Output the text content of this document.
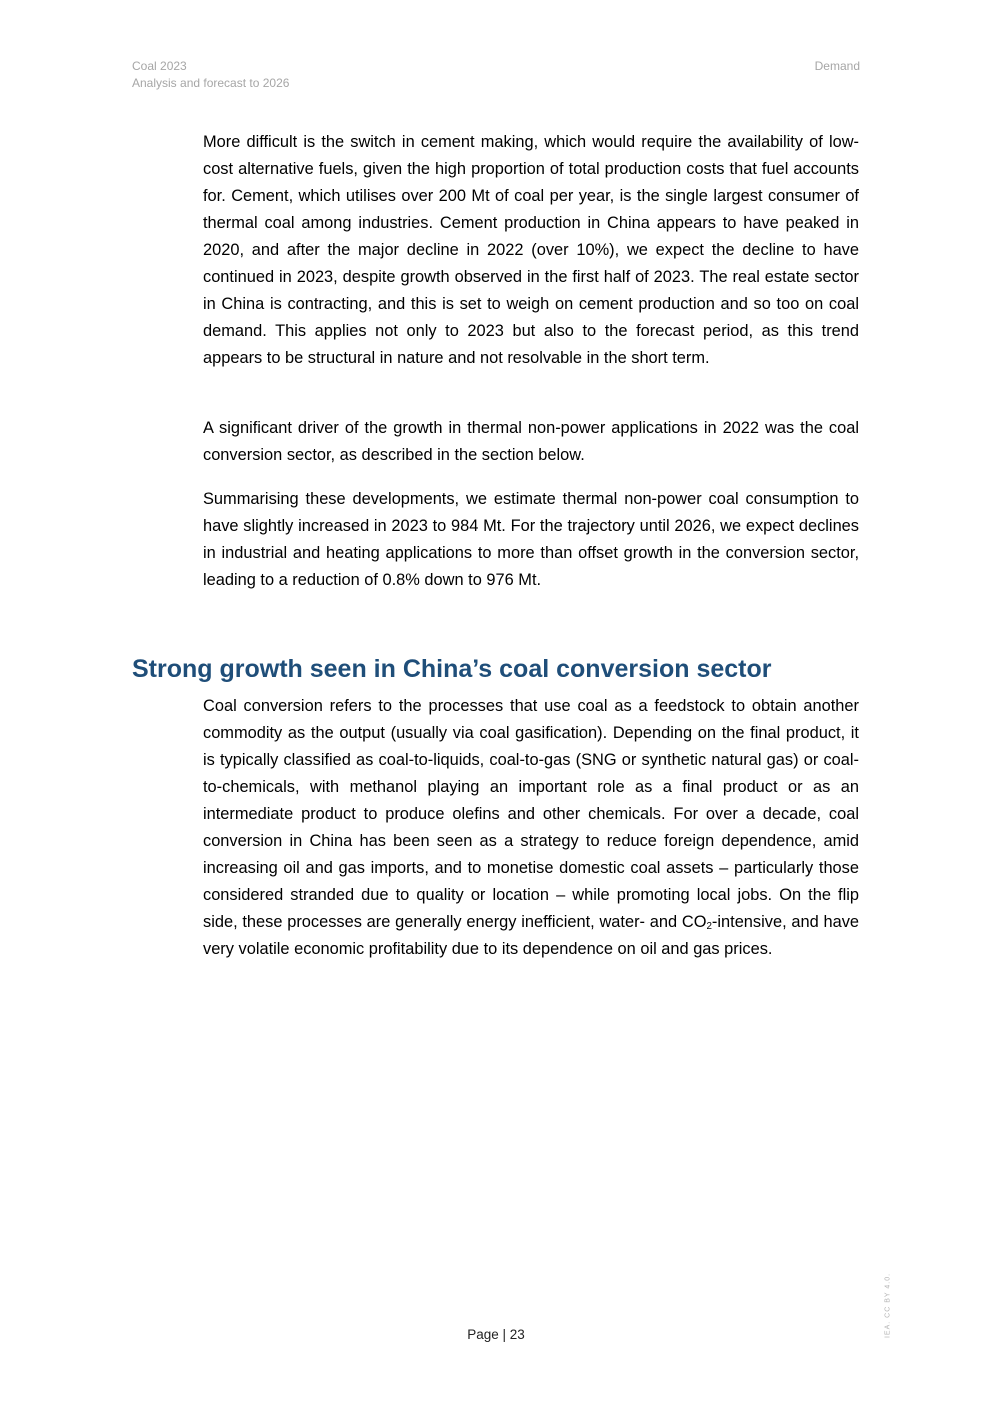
Coal 2023
Analysis and forecast to 2026
Demand

More difficult is the switch in cement making, which would require the availability of low-cost alternative fuels, given the high proportion of total production costs that fuel accounts for. Cement, which utilises over 200 Mt of coal per year, is the single largest consumer of thermal coal among industries. Cement production in China appears to have peaked in 2020, and after the major decline in 2022 (over 10%), we expect the decline to have continued in 2023, despite growth observed in the first half of 2023. The real estate sector in China is contracting, and this is set to weigh on cement production and so too on coal demand. This applies not only to 2023 but also to the forecast period, as this trend appears to be structural in nature and not resolvable in the short term.

A significant driver of the growth in thermal non-power applications in 2022 was the coal conversion sector, as described in the section below.

Summarising these developments, we estimate thermal non-power coal consumption to have slightly increased in 2023 to 984 Mt. For the trajectory until 2026, we expect declines in industrial and heating applications to more than offset growth in the conversion sector, leading to a reduction of 0.8% down to 976 Mt.

Strong growth seen in China’s coal conversion sector

Coal conversion refers to the processes that use coal as a feedstock to obtain another commodity as the output (usually via coal gasification). Depending on the final product, it is typically classified as coal-to-liquids, coal-to-gas (SNG or synthetic natural gas) or coal-to-chemicals, with methanol playing an important role as a final product or as an intermediate product to produce olefins and other chemicals. For over a decade, coal conversion in China has been seen as a strategy to reduce foreign dependence, amid increasing oil and gas imports, and to monetise domestic coal assets – particularly those considered stranded due to quality or location – while promoting local jobs. On the flip side, these processes are generally energy inefficient, water- and $CO_2$-intensive, and have very volatile economic profitability due to its dependence on oil and gas prices.

Page | 23	IEA. CC BY 4.0.
